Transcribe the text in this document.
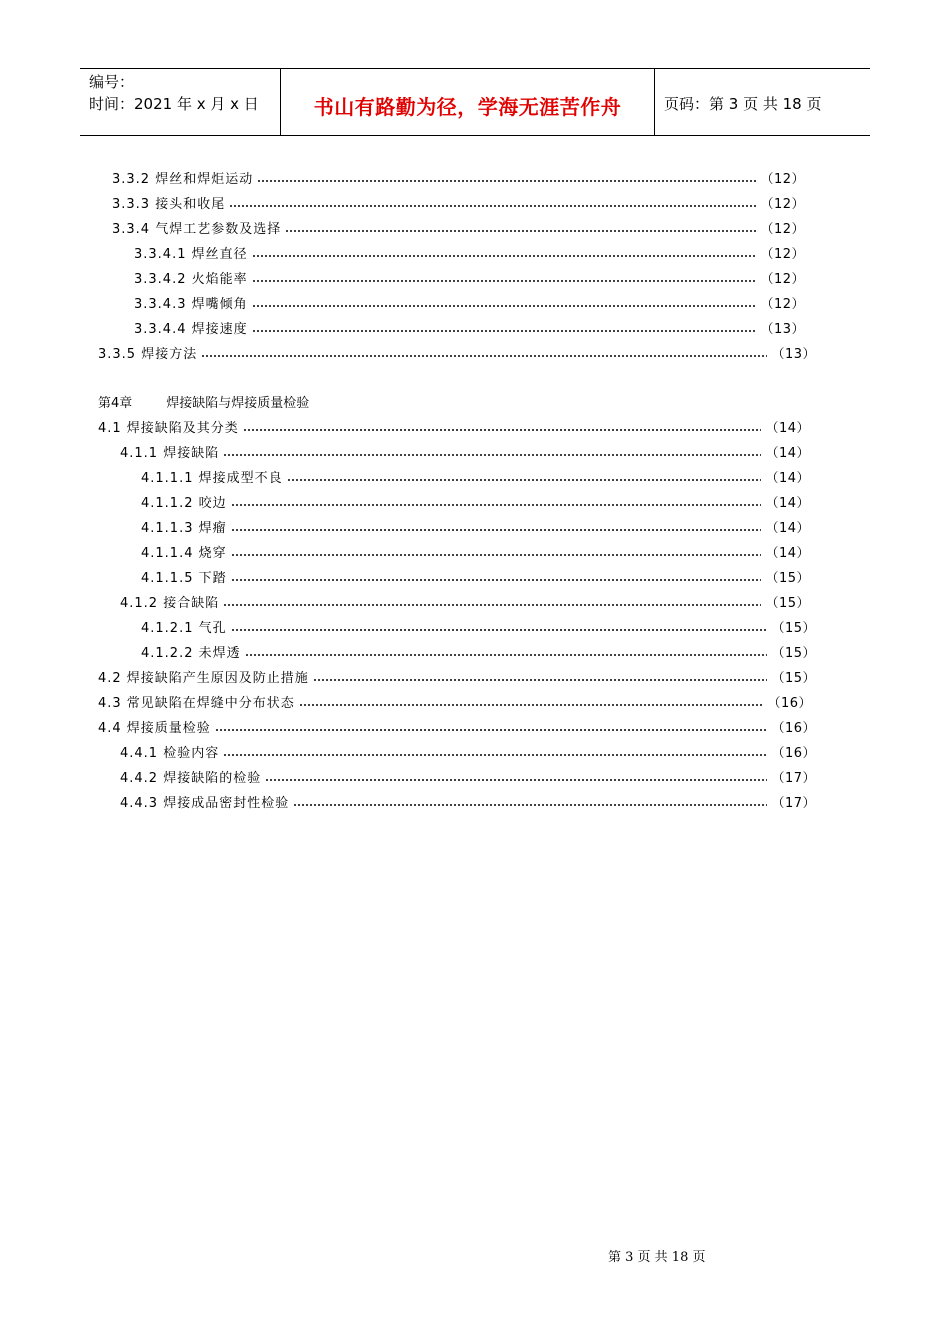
编号：
时间：2021 年 x 月 x 日	书山有路勤为径，学海无涯苦作舟	页码：第 3 页 共 18 页
第4章	焊接缺陷与焊接质量检验
3.3.2 焊丝和焊炬运动	（12）
3.3.3 接头和收尾	（12）
3.3.4 气焊工艺参数及选择	（12）
3.3.4.1 焊丝直径	（12）
3.3.4.2 火焰能率	（12）
3.3.4.3 焊嘴倾角	（12）
3.3.4.4 焊接速度	（13）
3.3.5 焊接方法	（13）
4.1 焊接缺陷及其分类	（14）
4.1.1 焊接缺陷	（14）
4.1.1.1 焊接成型不良	（14）
4.1.1.2 咬边	（14）
4.1.1.3 焊瘤	（14）
4.1.1.4 烧穿	（14）
4.1.1.5 下踏	（15）
4.1.2 接合缺陷	（15）
4.1.2.1 气孔	（15）
4.1.2.2 未焊透	（15）
4.2 焊接缺陷产生原因及防止措施	（15）
4.3 常见缺陷在焊缝中分布状态	（16）
4.4 焊接质量检验	（16）
4.4.1 检验内容	（16）
4.4.2 焊接缺陷的检验	（17）
4.4.3 焊接成品密封性检验	（17）
第 3 页 共 18 页
